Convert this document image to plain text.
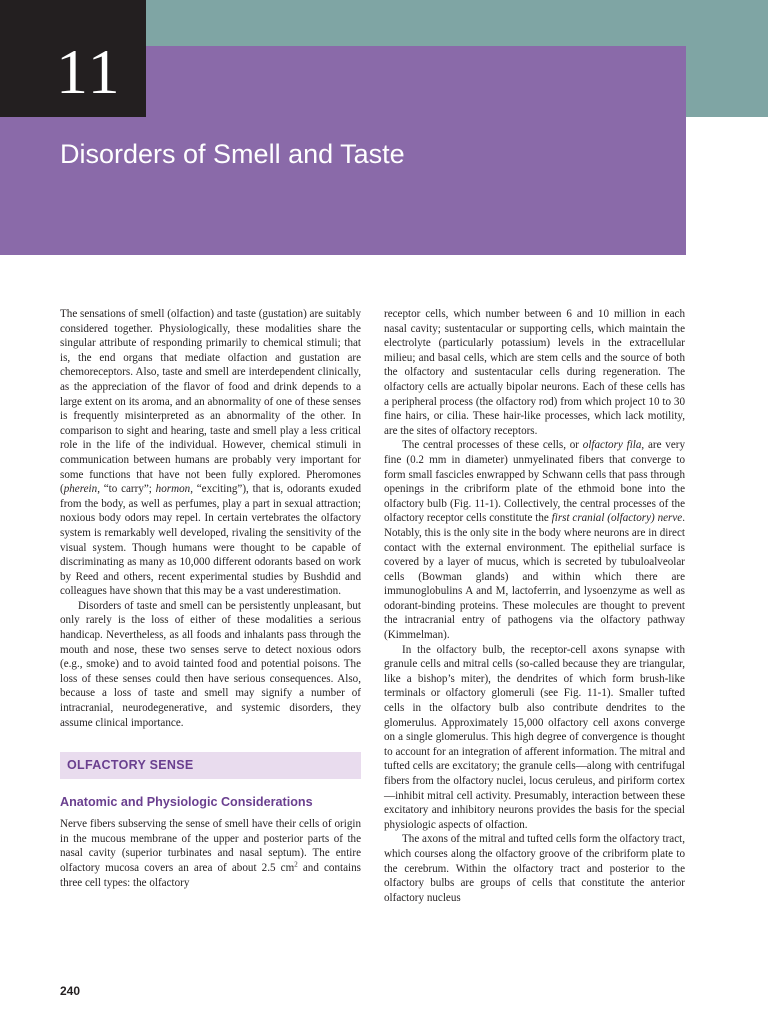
11
Disorders of Smell and Taste

The sensations of smell (olfaction) and taste (gustation) are suitably considered together. Physiologically, these modalities share the singular attribute of responding primarily to chemical stimuli; that is, the end organs that mediate olfaction and gustation are chemoreceptors. Also, taste and smell are interdependent clinically, as the appreciation of the flavor of food and drink depends to a large extent on its aroma, and an abnormality of one of these senses is frequently misinterpreted as an abnormality of the other. In comparison to sight and hearing, taste and smell play a less critical role in the life of the individual. However, chemical stimuli in communication between humans are probably very important for some functions that have not been fully explored. Pheromones (pherein, “to carry”; hormon, “exciting”), that is, odorants exuded from the body, as well as perfumes, play a part in sexual attraction; noxious body odors may repel. In certain vertebrates the olfactory system is remarkably well developed, rivaling the sensitivity of the visual system. Though humans were thought to be capable of discriminating as many as 10,000 different odorants based on work by Reed and others, recent experimental studies by Bushdid and colleagues have shown that this may be a vast underestimation.

Disorders of taste and smell can be persistently unpleasant, but only rarely is the loss of either of these modalities a serious handicap. Nevertheless, as all foods and inhalants pass through the mouth and nose, these two senses serve to detect noxious odors (e.g., smoke) and to avoid tainted food and potential poisons. The loss of these senses could then have serious consequences. Also, because a loss of taste and smell may signify a number of intracranial, neurodegenerative, and systemic disorders, they assume clinical importance.

OLFACTORY SENSE
Anatomic and Physiologic Considerations

Nerve fibers subserving the sense of smell have their cells of origin in the mucous membrane of the upper and posterior parts of the nasal cavity (superior turbinates and nasal septum). The entire olfactory mucosa covers an area of about 2.5 $cm^2$ and contains three cell types: the olfactory

receptor cells, which number between 6 and 10 million in each nasal cavity; sustentacular or supporting cells, which maintain the electrolyte (particularly potassium) levels in the extracellular milieu; and basal cells, which are stem cells and the source of both the olfactory and sustentacular cells during regeneration. The olfactory cells are actually bipolar neurons. Each of these cells has a peripheral process (the olfactory rod) from which project 10 to 30 fine hairs, or cilia. These hair-like processes, which lack motility, are the sites of olfactory receptors.

The central processes of these cells, or olfactory fila, are very fine (0.2 mm in diameter) unmyelinated fibers that converge to form small fascicles enwrapped by Schwann cells that pass through openings in the cribriform plate of the ethmoid bone into the olfactory bulb (Fig. 11-1). Collectively, the central processes of the olfactory receptor cells constitute the first cranial (olfactory) nerve. Notably, this is the only site in the body where neurons are in direct contact with the external environment. The epithelial surface is covered by a layer of mucus, which is secreted by tubuloalveolar cells (Bowman glands) and within which there are immunoglobulins A and M, lactoferrin, and lysoenzyme as well as odorant-binding proteins. These molecules are thought to prevent the intracranial entry of pathogens via the olfactory pathway (Kimmelman).

In the olfactory bulb, the receptor-cell axons synapse with granule cells and mitral cells (so-called because they are triangular, like a bishop’s miter), the dendrites of which form brush-like terminals or olfactory glomeruli (see Fig. 11-1). Smaller tufted cells in the olfactory bulb also contribute dendrites to the glomerulus. Approximately 15,000 olfactory cell axons converge on a single glomerulus. This high degree of convergence is thought to account for an integration of afferent information. The mitral and tufted cells are excitatory; the granule cells—along with centrifugal fibers from the olfactory nuclei, locus ceruleus, and piriform cortex—inhibit mitral cell activity. Presumably, interaction between these excitatory and inhibitory neurons provides the basis for the special physiologic aspects of olfaction.

The axons of the mitral and tufted cells form the olfactory tract, which courses along the olfactory groove of the cribriform plate to the cerebrum. Within the olfactory tract and posterior to the olfactory bulbs are groups of cells that constitute the anterior olfactory nucleus

240
